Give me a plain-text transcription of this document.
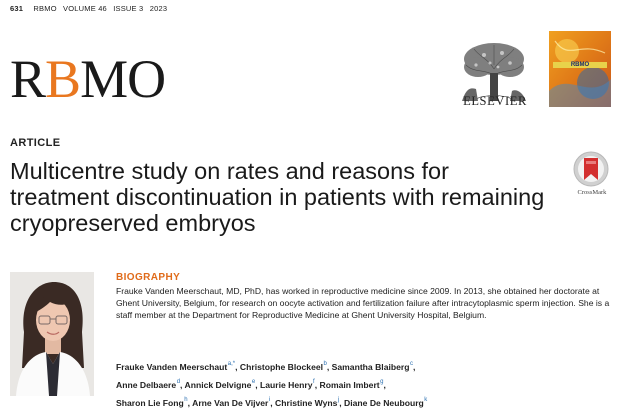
631 RBMO VOLUME 46 ISSUE 3 2023
RBMO	ELSEVIER
RBMO
ARTICLE
Multicentre study on rates and reasons for treatment discontinuation in patients with remaining cryopreserved embryos
CrossMark
BIOGRAPHY
Frauke Vanden Meerschaut, MD, PhD, has worked in reproductive medicine since 2009. In 2013, she obtained her doctorate at Ghent University, Belgium, for research on oocyte activation and fertilization failure after intracytoplasmic sperm injection. She is a staff member at the Department for Reproductive Medicine at Ghent University Hospital, Belgium.
Frauke Vanden Meerschaut$^{a,*}$, Christophe Blockeel$^b$, Samantha Blaiberg$^c$,
Anne Delbaere$^d$, Annick Delvigne$^e$, Laurie Henry$^f$, Romain Imbert$^g$,
Sharon Lie Fong$^h$, Arne Van De Vijver$^i$, Christine Wyns$^j$, Diane De Neubourg$^k$
